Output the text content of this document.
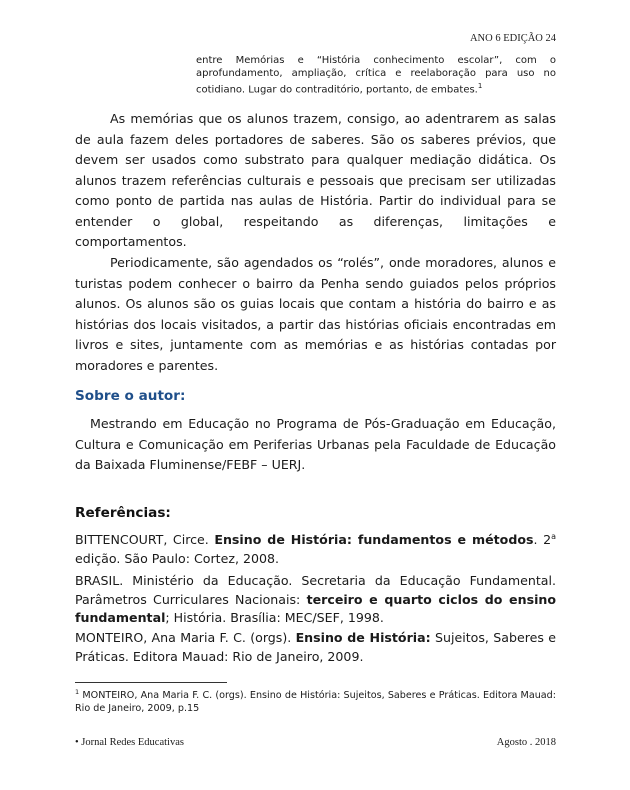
ANO 6 EDIÇÃO 24
entre Memórias e “História conhecimento escolar”, com o aprofundamento, ampliação, crítica e reelaboração para uso no cotidiano. Lugar do contraditório, portanto, de embates.$^1$
As memórias que os alunos trazem, consigo, ao adentrarem as salas de aula fazem deles portadores de saberes. São os saberes prévios, que devem ser usados como substrato para qualquer mediação didática. Os alunos trazem referências culturais e pessoais que precisam ser utilizadas como ponto de partida nas aulas de História. Partir do individual para se entender o global, respeitando as diferenças, limitações e comportamentos.
Periodicamente, são agendados os “rolés”, onde moradores, alunos e turistas podem conhecer o bairro da Penha sendo guiados pelos próprios alunos. Os alunos são os guias locais que contam a história do bairro e as histórias dos locais visitados, a partir das histórias oficiais encontradas em livros e sites, juntamente com as memórias e as histórias contadas por moradores e parentes.
Sobre o autor:
Mestrando em Educação no Programa de Pós-Graduação em Educação, Cultura e Comunicação em Periferias Urbanas pela Faculdade de Educação da Baixada Fluminense/FEBF – UERJ.
Referências:
BITTENCOURT, Circe. Ensino de História: fundamentos e métodos. 2$^a$ edição. São Paulo: Cortez, 2008.
BRASIL. Ministério da Educação. Secretaria da Educação Fundamental. Parâmetros Curriculares Nacionais: terceiro e quarto ciclos do ensino fundamental; História. Brasília: MEC/SEF, 1998.
MONTEIRO, Ana Maria F. C. (orgs). Ensino de História: Sujeitos, Saberes e Práticas. Editora Mauad: Rio de Janeiro, 2009.
$^1$ MONTEIRO, Ana Maria F. C. (orgs). Ensino de História: Sujeitos, Saberes e Práticas. Editora Mauad: Rio de Janeiro, 2009, p.15
• Jornal Redes Educativas	Agosto . 2018
